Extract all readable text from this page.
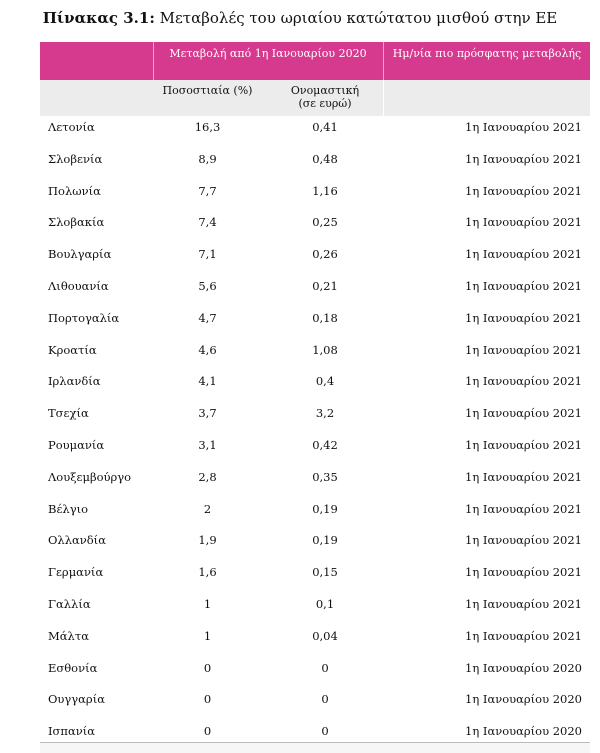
Πίνακας 3.1: Μεταβολές του ωριαίου κατώτατου μισθού στην ΕΕ
Μεταβολή από 1η Ιανουαρίου 2020	Ημ/νία πιο πρόσφατης μεταβολής
Ποσοστιαία (%)	Ονομαστική
(σε ευρώ)
Λετονία	16,3	0,41	1η Ιανουαρίου 2021
Σλοβενία	8,9	0,48	1η Ιανουαρίου 2021
Πολωνία	7,7	1,16	1η Ιανουαρίου 2021
Σλοβακία	7,4	0,25	1η Ιανουαρίου 2021
Βουλγαρία	7,1	0,26	1η Ιανουαρίου 2021
Λιθουανία	5,6	0,21	1η Ιανουαρίου 2021
Πορτογαλία	4,7	0,18	1η Ιανουαρίου 2021
Κροατία	4,6	1,08	1η Ιανουαρίου 2021
Ιρλανδία	4,1	0,4	1η Ιανουαρίου 2021
Τσεχία	3,7	3,2	1η Ιανουαρίου 2021
Ρουμανία	3,1	0,42	1η Ιανουαρίου 2021
Λουξεμβούργο	2,8	0,35	1η Ιανουαρίου 2021
Βέλγιο	2	0,19	1η Ιανουαρίου 2021
Ολλανδία	1,9	0,19	1η Ιανουαρίου 2021
Γερμανία	1,6	0,15	1η Ιανουαρίου 2021
Γαλλία	1	0,1	1η Ιανουαρίου 2021
Μάλτα	1	0,04	1η Ιανουαρίου 2021
Εσθονία	0	0	1η Ιανουαρίου 2020
Ουγγαρία	0	0	1η Ιανουαρίου 2020
Ισπανία	0	0	1η Ιανουαρίου 2020
